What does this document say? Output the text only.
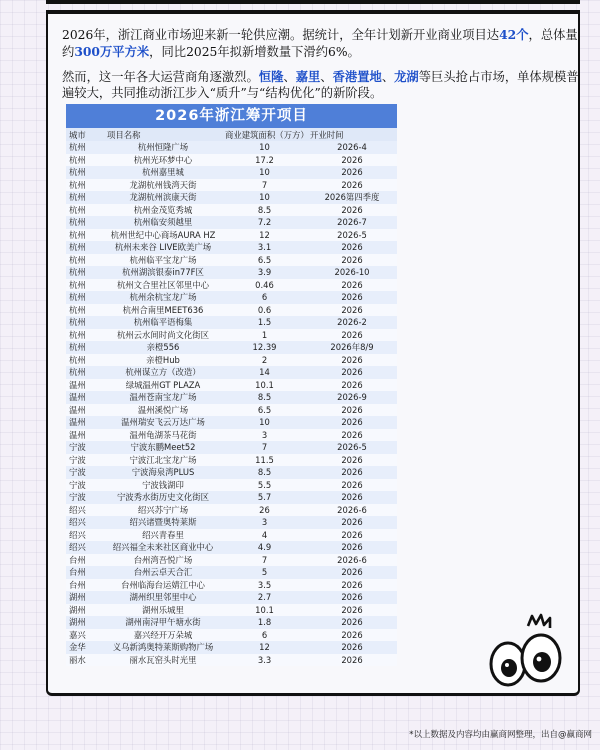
2026年，浙江商业市场迎来新一轮供应潮。据统计，全年计划新开业商业项目达42个，总体量约300万平方米，同比2025年拟新增数量下滑约6%。

然而，这一年各大运营商角逐激烈。恒隆、嘉里、香港置地、龙湖等巨头抢占市场，单体规模普遍较大，共同推动浙江步入“质升”与“结构优化”的新阶段。

2026年浙江筹开项目
城市	项目名称	商业建筑面积（万方）	开业时间
杭州	杭州恒隆广场	10	2026-4
杭州	杭州光环梦中心	17.2	2026
杭州	杭州嘉里城	10	2026
杭州	龙湖杭州钱湾天街	7	2026
杭州	龙湖杭州滨康天街	10	2026第四季度
杭州	杭州金茂览秀城	8.5	2026
杭州	杭州临安须越里	7.2	2026-7
杭州	杭州世纪中心商场AURA HZ	12	2026-5
杭州	杭州未来谷 LIVE欧美广场	3.1	2026
杭州	杭州临平宝龙广场	6.5	2026
杭州	杭州湖滨银泰in77F区	3.9	2026-10
杭州	杭州文合里社区邻里中心	0.46	2026
杭州	杭州余杭宝龙广场	6	2026
杭州	杭州合南里MEET636	0.6	2026
杭州	杭州临平语梅集	1.5	2026-2
杭州	杭州云水间时尚文化街区	1	2026
杭州	亲橙556	12.39	2026年8/9
杭州	亲橙Hub	2	2026
杭州	杭州谋立方（改造）	14	2026
温州	绿城温州GT PLAZA	10.1	2026
温州	温州苍南宝龙广场	8.5	2026-9
温州	温州溪悦广场	6.5	2026
温州	温州瑞安飞云万达广场	10	2026
温州	温州龟湖茶马花街	3	2026
宁波	宁波东鹏Meet52	7	2026-5
宁波	宁波江北宝龙广场	11.5	2026
宁波	宁波海泉湾PLUS	8.5	2026
宁波	宁波钱湖印	5.5	2026
宁波	宁波秀水街历史文化街区	5.7	2026
绍兴	绍兴苏宁广场	26	2026-6
绍兴	绍兴诸暨奥特莱斯	3	2026
绍兴	绍兴青春里	4	2026
绍兴	绍兴福全未来社区商业中心	4.9	2026
台州	台州湾吾悦广场	7	2026-6
台州	台州云卓天合汇	5	2026
台州	台州临海台运婧江中心	3.5	2026
湖州	湖州织里邻里中心	2.7	2026
湖州	湖州乐城里	10.1	2026
湖州	湖州南浔甲午塘水街	1.8	2026
嘉兴	嘉兴经开万朵城	6	2026
金华	义乌新鸿奥特莱斯购物广场	12	2026
丽水	丽水瓦窑头时光里	3.3	2026
*以上数据及内容均由赢商网整理，出自@赢商网
